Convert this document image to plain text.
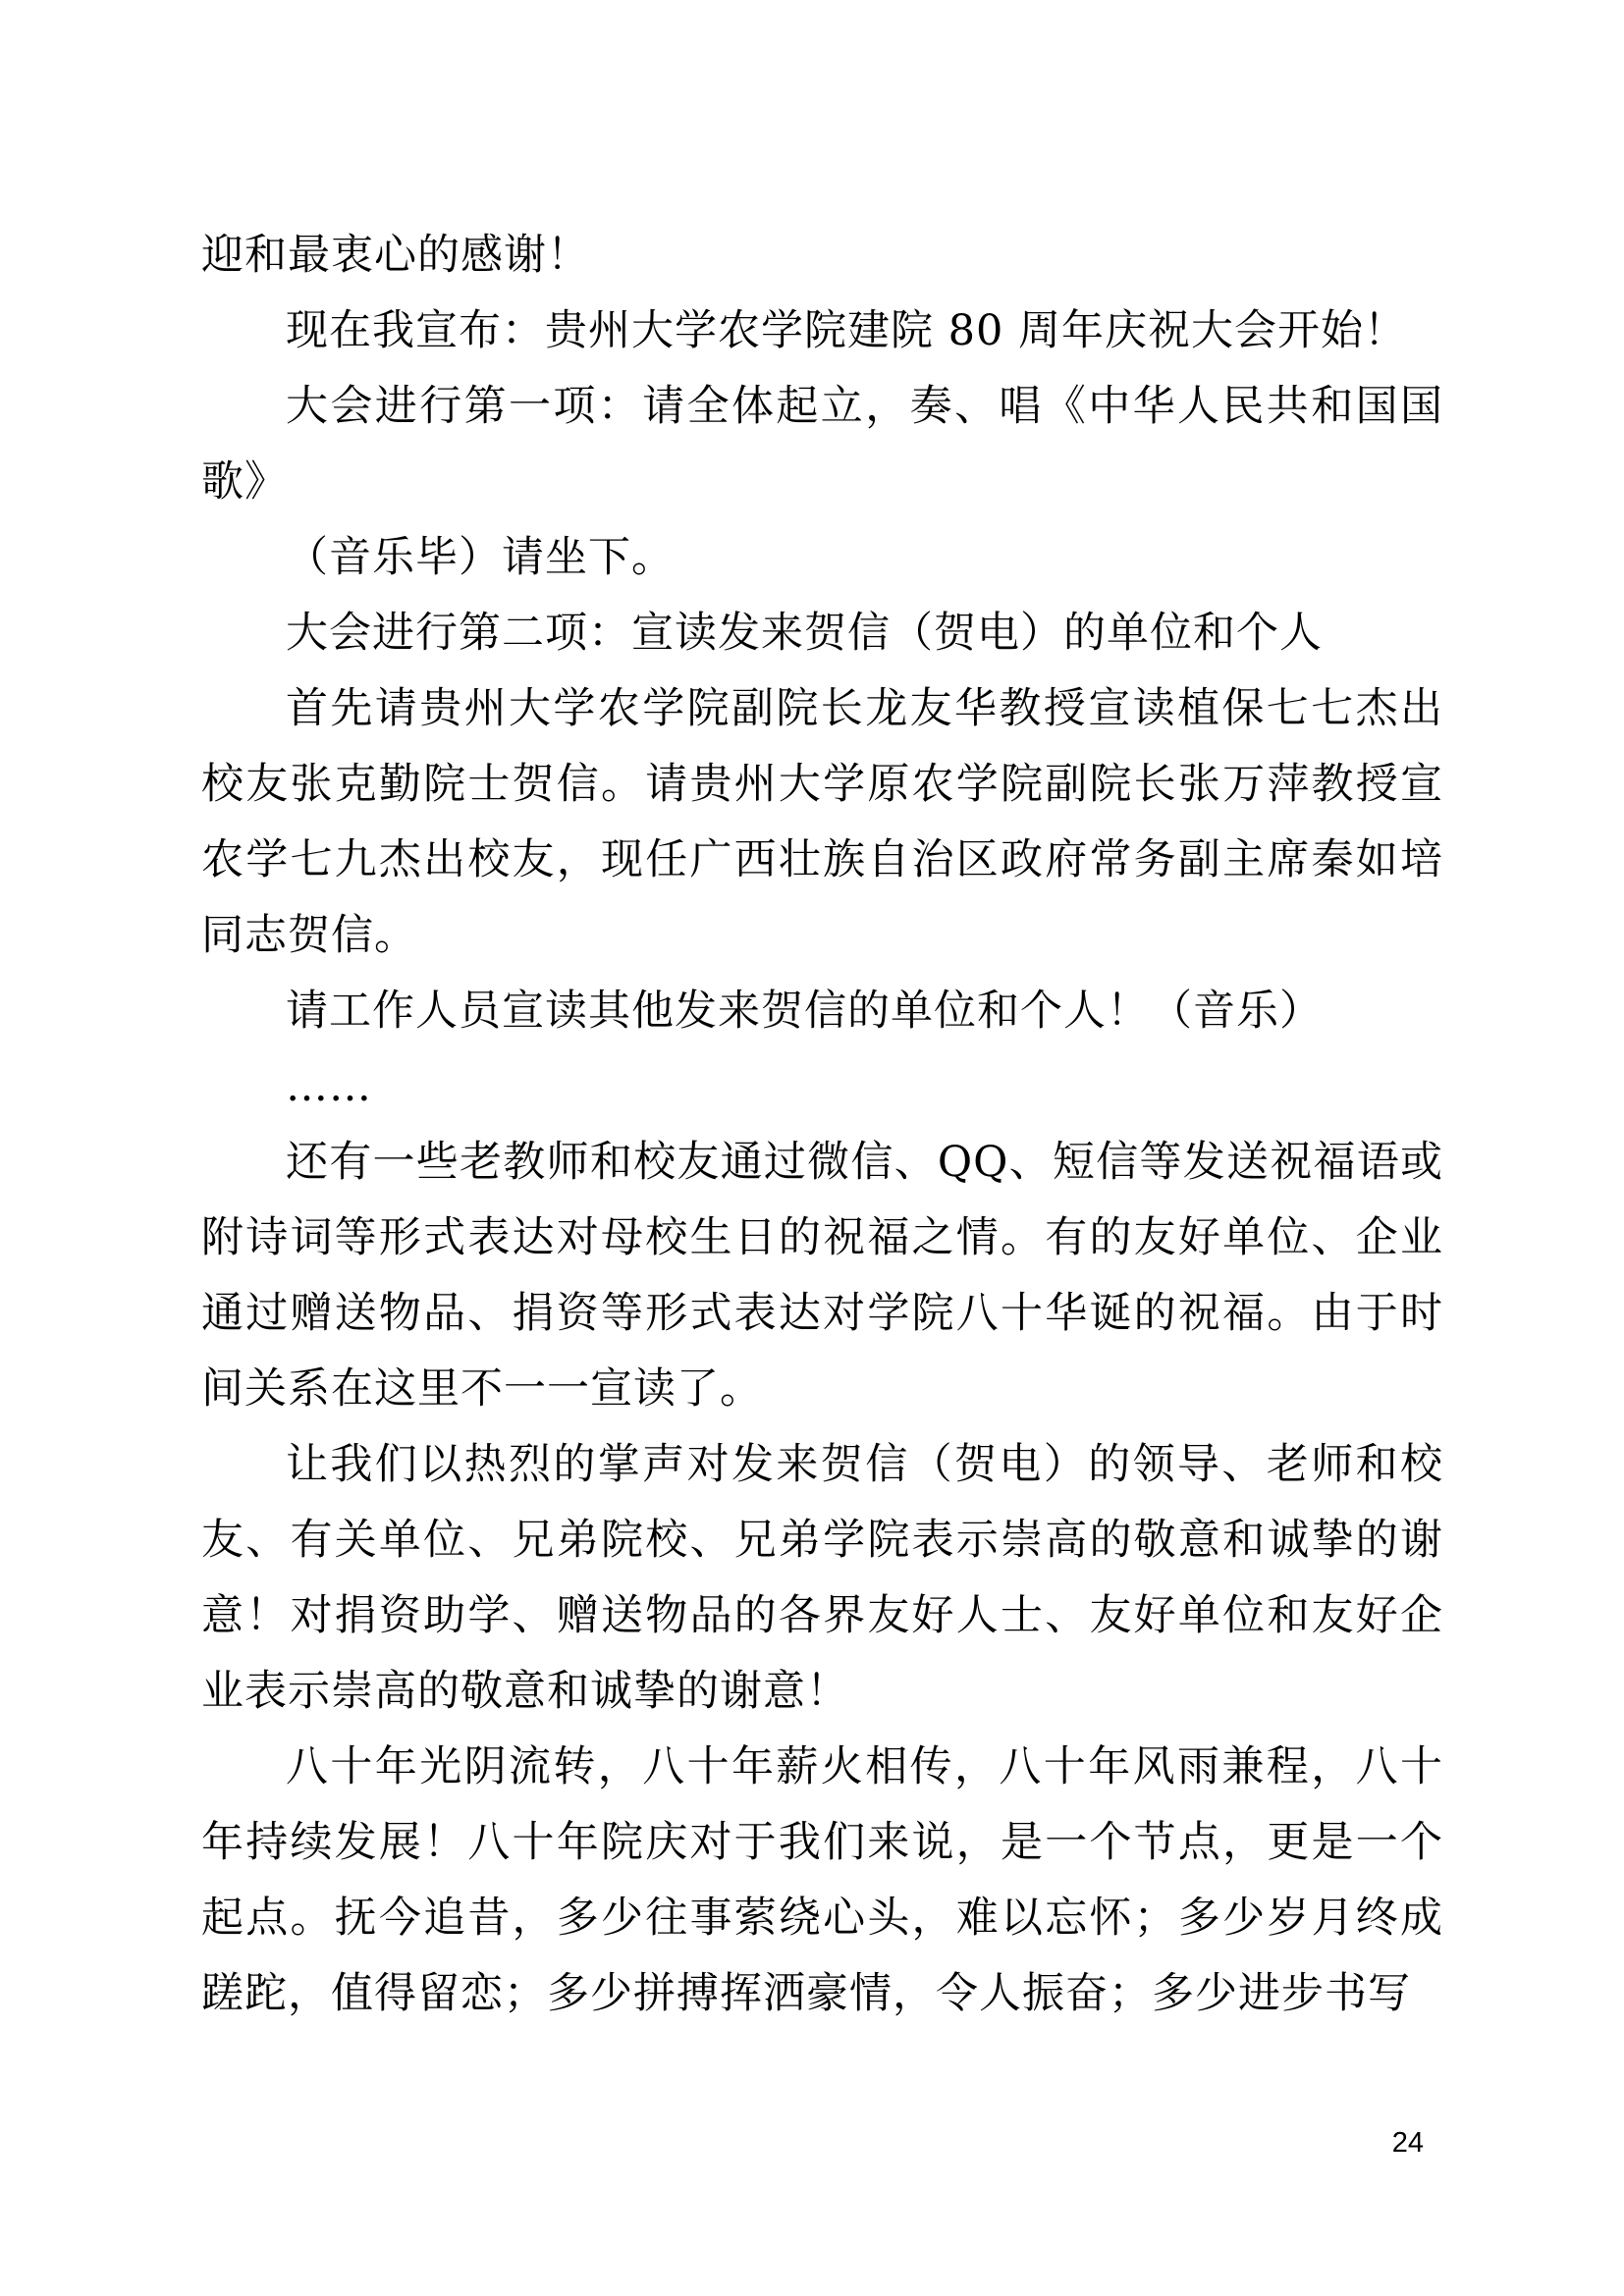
迎和最衷心的感谢！
现在我宣布：贵州大学农学院建院 80 周年庆祝大会开始！
大会进行第一项：请全体起立，奏、唱《中华人民共和国国
歌》
（音乐毕）请坐下。
大会进行第二项：宣读发来贺信（贺电）的单位和个人
首先请贵州大学农学院副院长龙友华教授宣读植保七七杰出
校友张克勤院士贺信。请贵州大学原农学院副院长张万萍教授宣
农学七九杰出校友，现任广西壮族自治区政府常务副主席秦如培
同志贺信。
请工作人员宣读其他发来贺信的单位和个人！（音乐）
……
还有一些老教师和校友通过微信、QQ、短信等发送祝福语或
附诗词等形式表达对母校生日的祝福之情。有的友好单位、企业
通过赠送物品、捐资等形式表达对学院八十华诞的祝福。由于时
间关系在这里不一一宣读了。
让我们以热烈的掌声对发来贺信（贺电）的领导、老师和校
友、有关单位、兄弟院校、兄弟学院表示崇高的敬意和诚挚的谢
意！对捐资助学、赠送物品的各界友好人士、友好单位和友好企
业表示崇高的敬意和诚挚的谢意！
八十年光阴流转，八十年薪火相传，八十年风雨兼程，八十
年持续发展！八十年院庆对于我们来说，是一个节点，更是一个
起点。抚今追昔，多少往事萦绕心头，难以忘怀；多少岁月终成
蹉跎，值得留恋；多少拼搏挥洒豪情，令人振奋；多少进步书写
24
